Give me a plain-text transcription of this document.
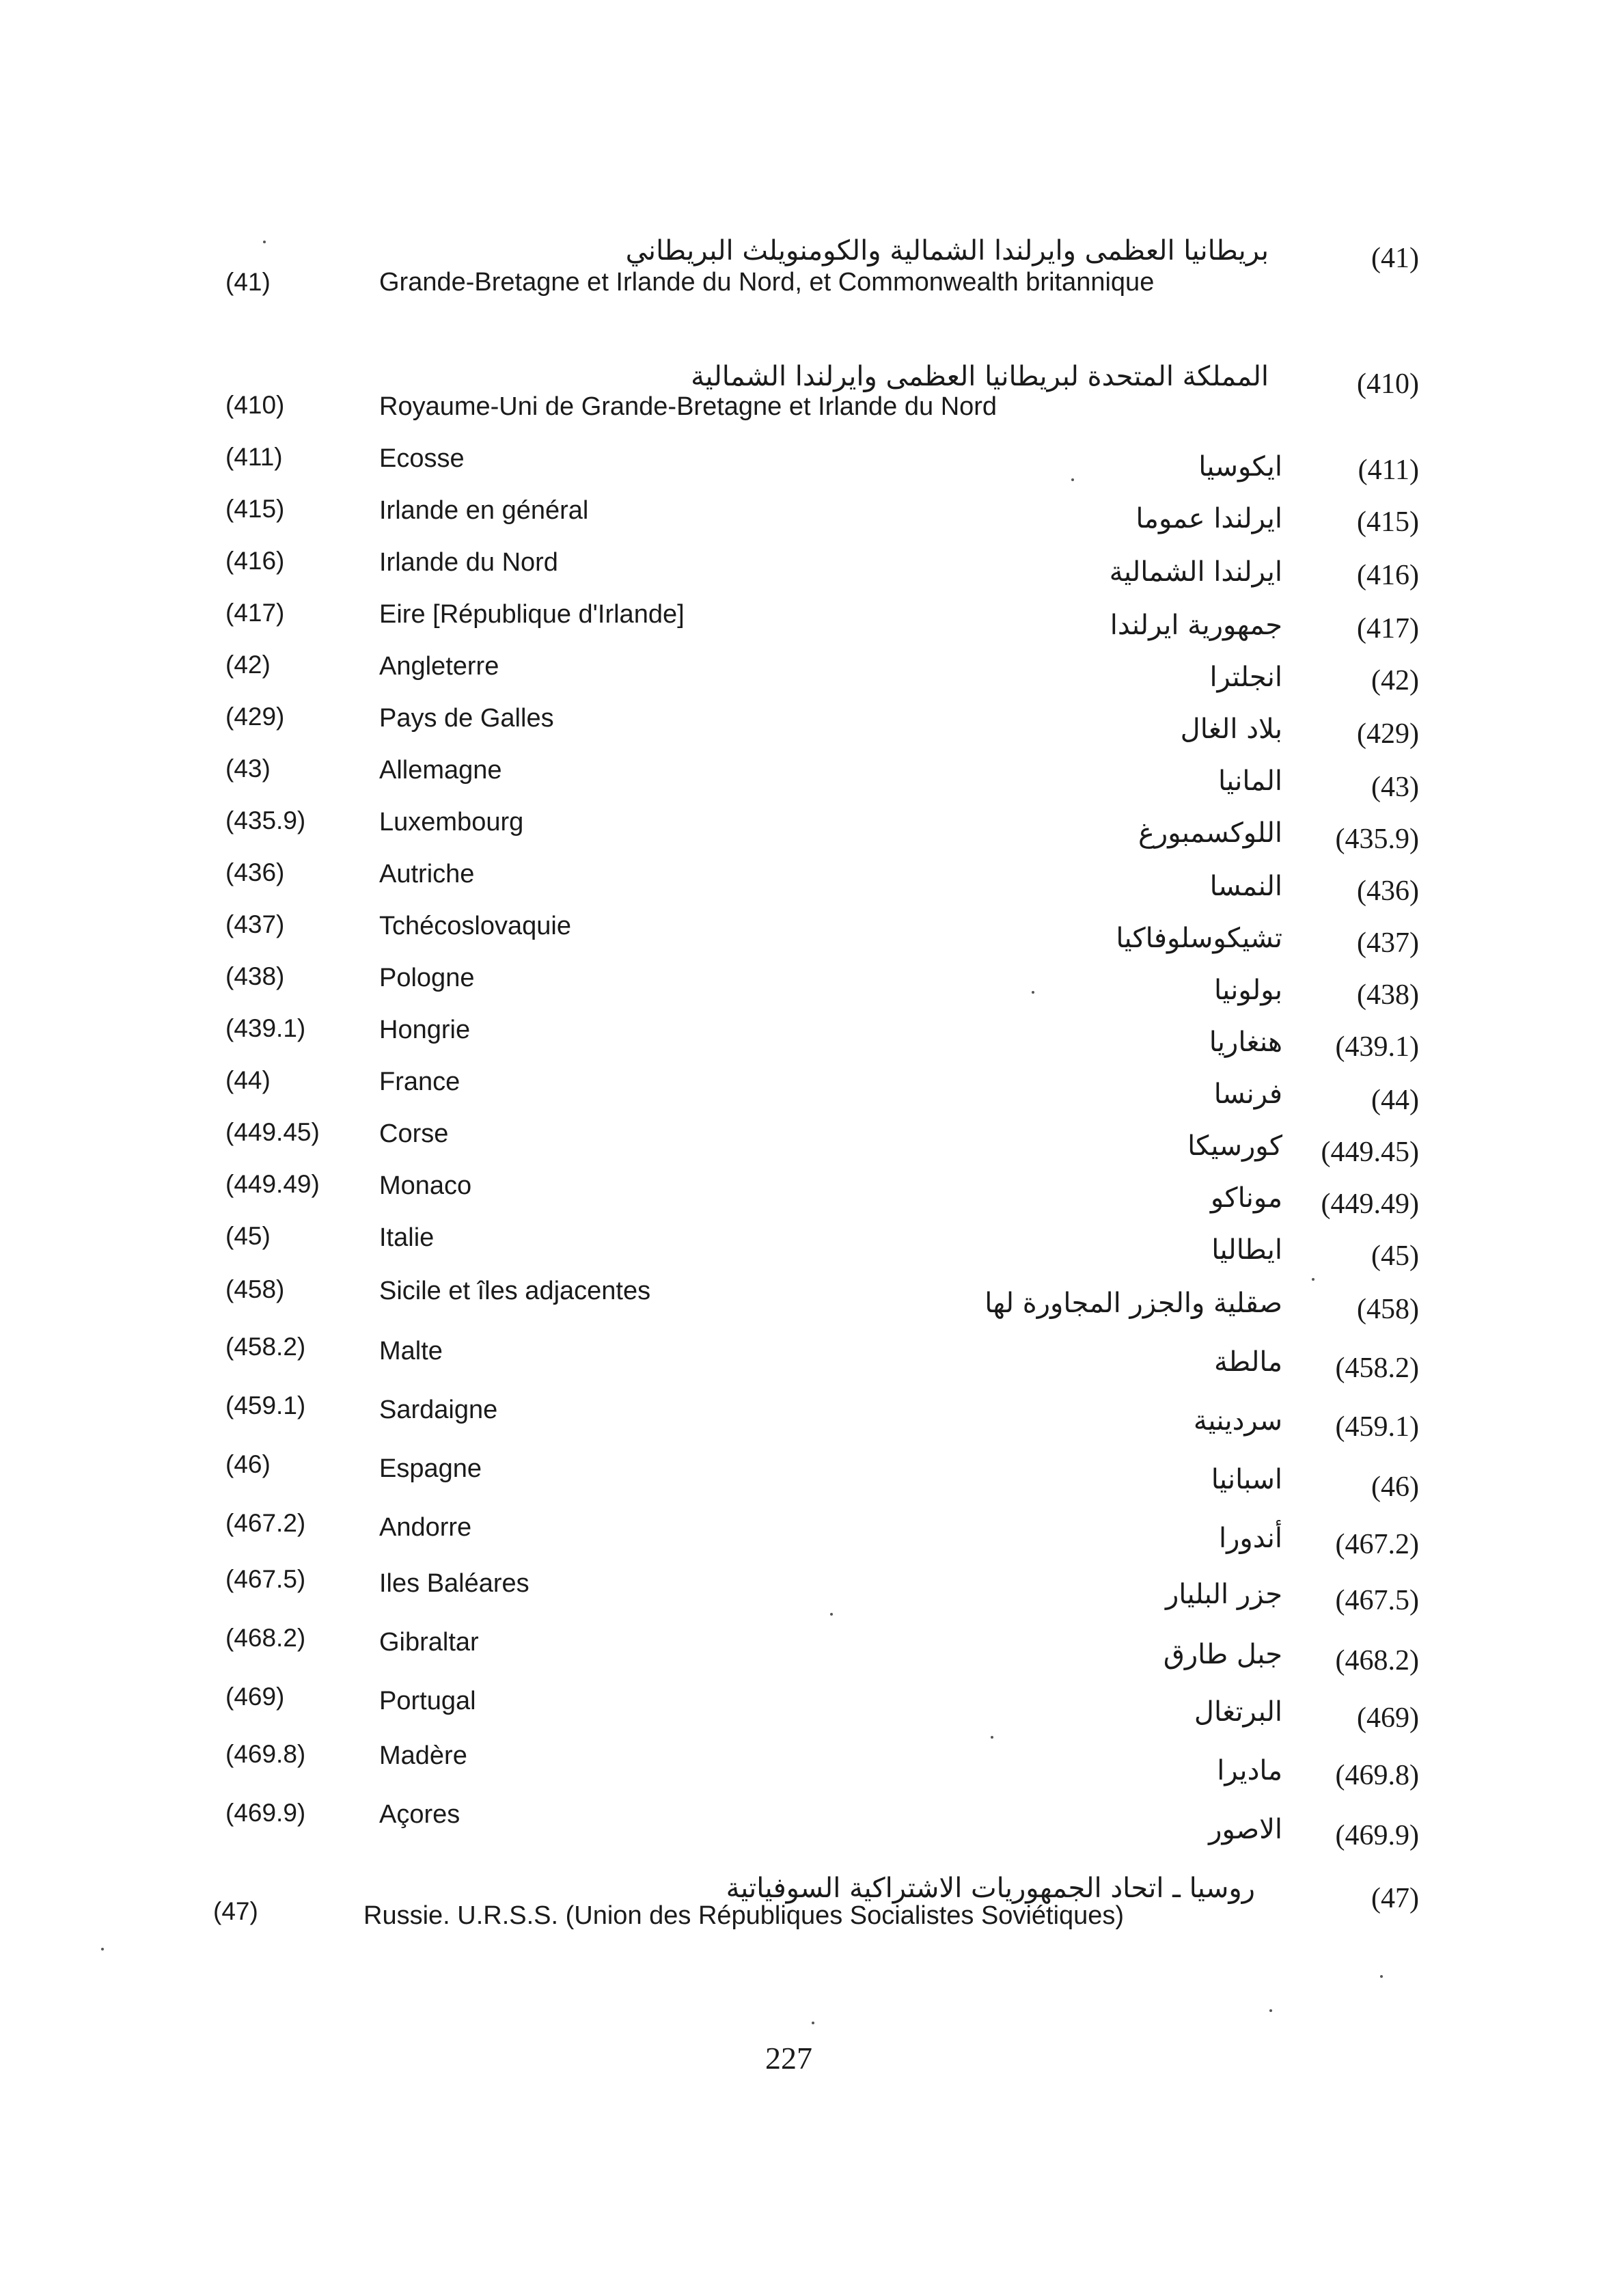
بريطانيا العظمى وايرلندا الشمالية والكومنويلث البريطاني	(41)
(41)	Grande-Bretagne et Irlande du Nord, et Commonwealth britannique
المملكة المتحدة لبريطانيا العظمى وايرلندا الشمالية	(410)
(410)	Royaume-Uni de Grande-Bretagne et Irlande du Nord
(411)	Ecosse	ايكوسيا	(411)
(415)	Irlande en général	ايرلندا عموما	(415)
(416)	Irlande du Nord	ايرلندا الشمالية	(416)
(417)	Eire [République d'Irlande]	جمهورية ايرلندا	(417)
(42)	Angleterre	انجلترا	(42)
(429)	Pays de Galles	بلاد الغال	(429)
(43)	Allemagne	المانيا	(43)
(435.9)	Luxembourg	اللوكسمبورغ (435.9)
(436)	Autriche	النمسا	(436)
(437)	Tchécoslovaquie	تشيكوسلوفاكيا	(437)
(438)	Pologne	بولونيا	(438)
(439.1)	Hongrie	هنغاريا (439.1)
(44)	France	فرنسا	(44)
(449.45) Corse	كورسيكا (449.45)
(449.49) Monaco	موناكو (449.49)
(45)	Italie	ايطاليا	(45)
(458)	Sicile et îles adjacentes	صقلية والجزر المجاورة لها	(458)
(458.2)	Malte	مالطة (458.2)
(459.1)	Sardaigne	سردينية (459.1)
(46)	Espagne	اسبانيا	(46)
(467.2)	Andorre	أندورا (467.2)
(467.5)	Iles Baléares	جزر البليار (467.5)
(468.2)	Gibraltar	جبل طارق (468.2)
(469)	Portugal	البرتغال	(469)
(469.8)	Madère	ماديرا (469.8)
(469.9)	Açores	الاصور (469.9)
روسيا ـ اتحاد الجمهوريات الاشتراكية السوفياتية	(47)
(47)	Russie. U.R.S.S. (Union des Républiques Socialistes Soviétiques)
227
